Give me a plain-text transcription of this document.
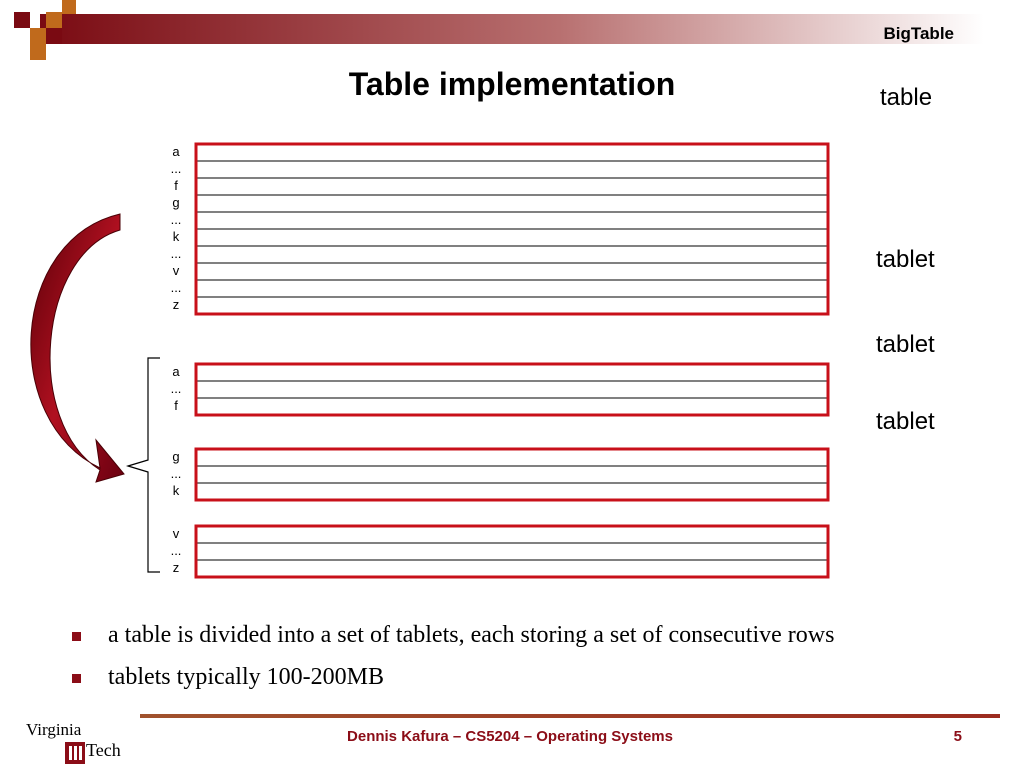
BigTable
Table implementation
a
...
f
g
...
k
...
v
...
z
a
...
f
g
...
k
v
...
z
table
tablet
tablet
tablet
a table is divided into a set of tablets, each storing a set of consecutive rows
tablets typically 100-200MB
Virginia
Tech
Dennis Kafura – CS5204 – Operating Systems	5
